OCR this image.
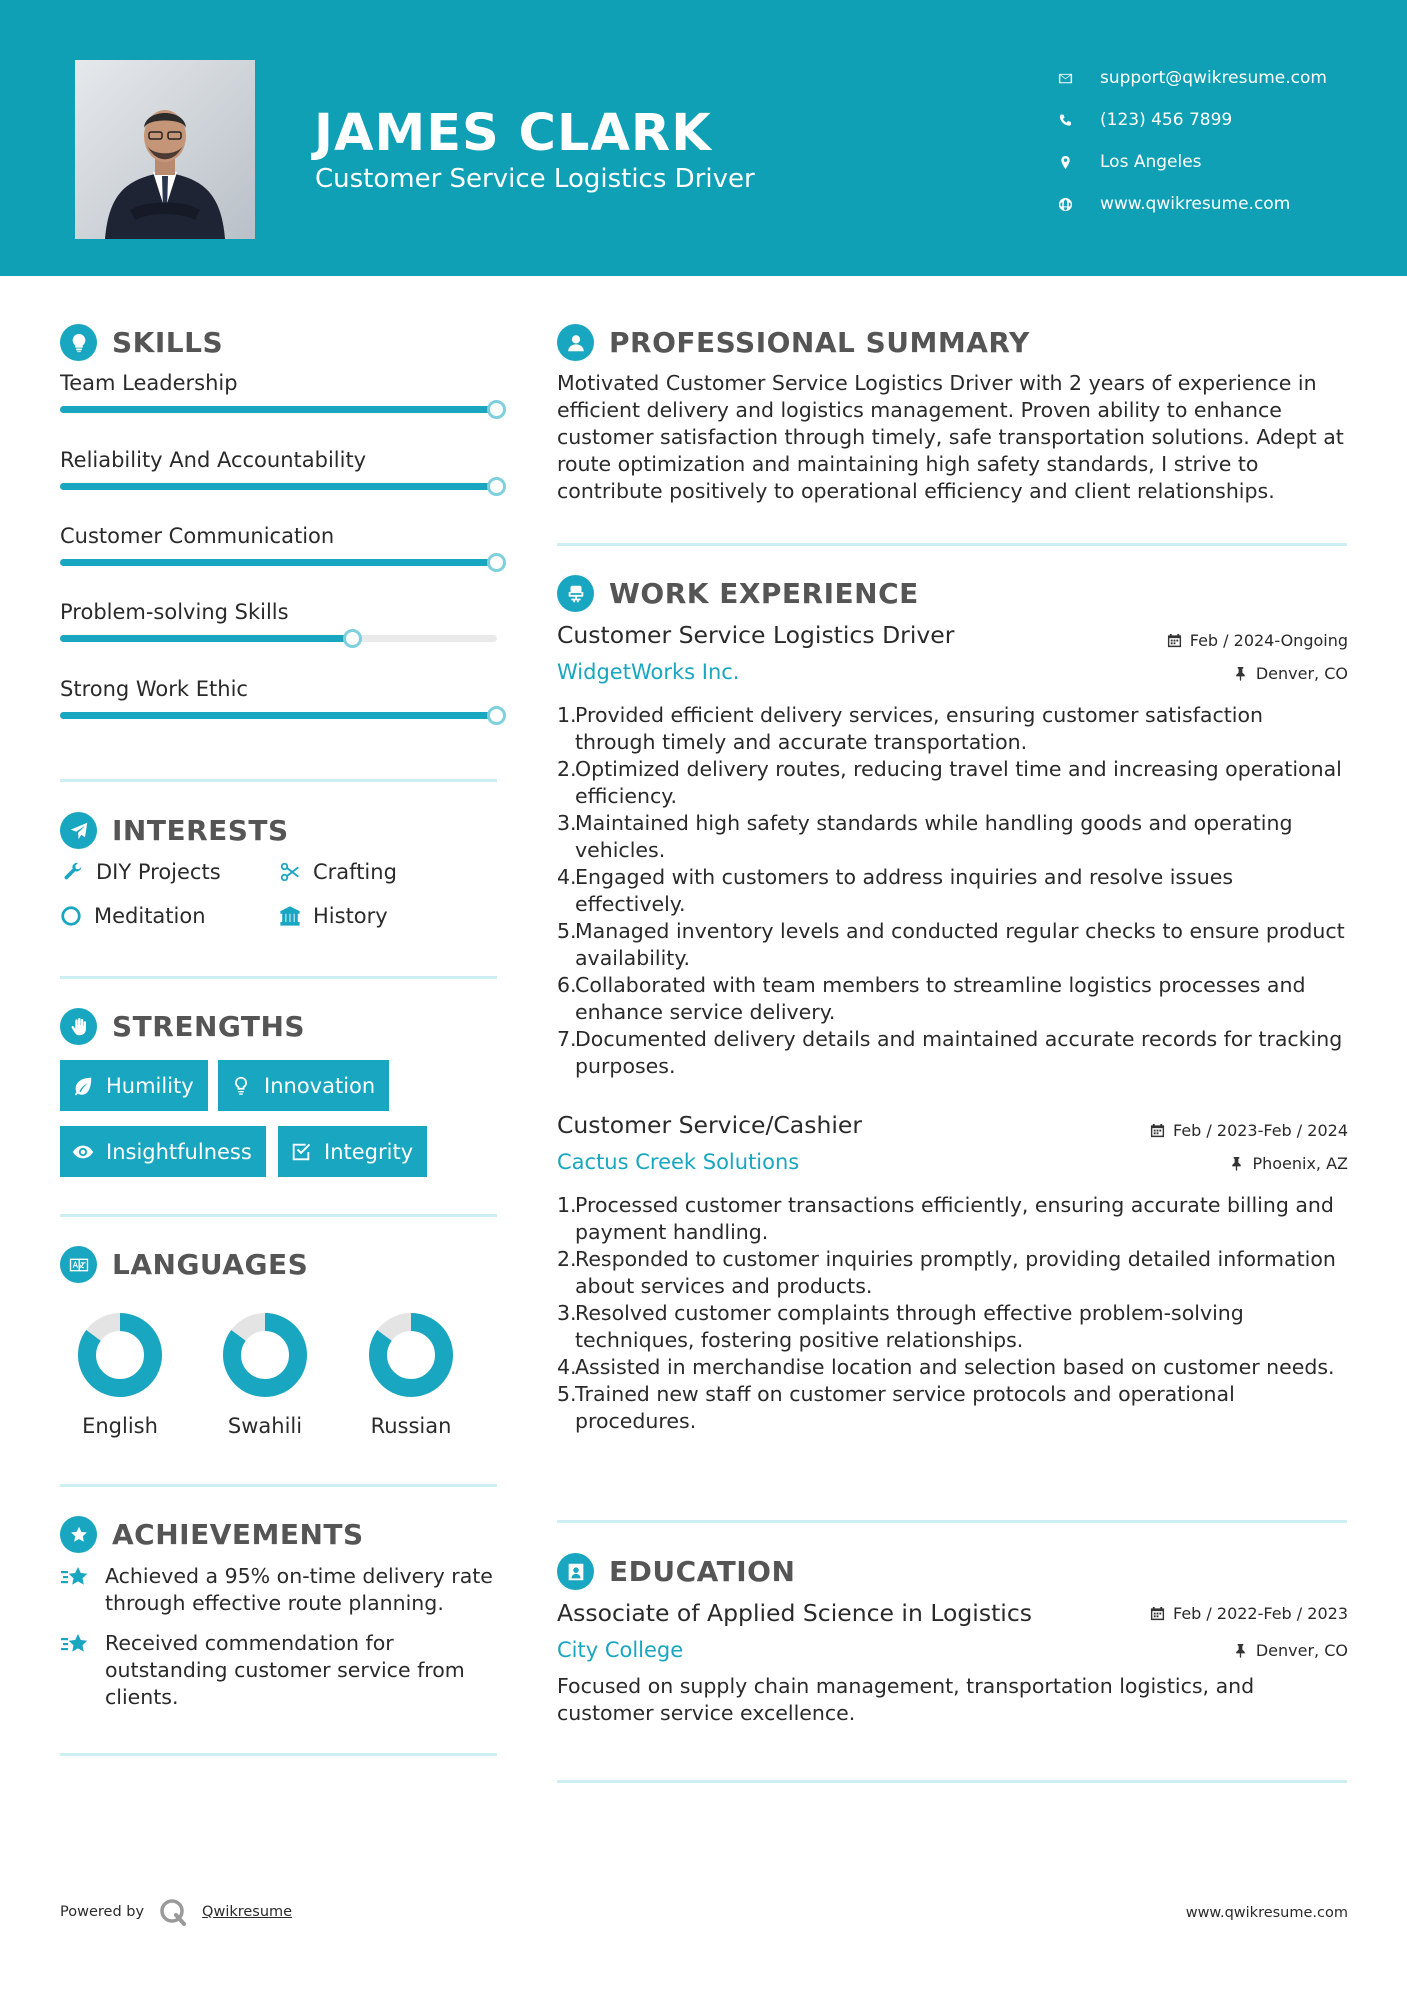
JAMES CLARK
Customer Service Logistics Driver
support@qwikresume.com
(123) 456 7899
Los Angeles
www.qwikresume.com
SKILLS
Team Leadership
Reliability And Accountability
Customer Communication
Problem-solving Skills
Strong Work Ethic
INTERESTS
DIY Projects	Crafting
Meditation	History
STRENGTHS
Humility	Innovation
Insightfulness	Integrity
LANGUAGES
English	Swahili	Russian
ACHIEVEMENTS
Achieved a 95% on-time delivery rate through effective route planning.
Received commendation for outstanding customer service from clients.
PROFESSIONAL SUMMARY
Motivated Customer Service Logistics Driver with 2 years of experience in efficient delivery and logistics management. Proven ability to enhance customer satisfaction through timely, safe transportation solutions. Adept at route optimization and maintaining high safety standards, I strive to contribute positively to operational efficiency and client relationships.
WORK EXPERIENCE
Customer Service Logistics Driver	Feb / 2024-Ongoing
WidgetWorks Inc.	Denver, CO
1.
Provided efficient delivery services, ensuring customer satisfaction through timely and accurate transportation.
2.
Optimized delivery routes, reducing travel time and increasing operational efficiency.
3.
Maintained high safety standards while handling goods and operating vehicles.
4.
Engaged with customers to address inquiries and resolve issues effectively.
5.
Managed inventory levels and conducted regular checks to ensure product availability.
6.
Collaborated with team members to streamline logistics processes and enhance service delivery.
7.
Documented delivery details and maintained accurate records for tracking purposes.
Customer Service/Cashier	Feb / 2023-Feb / 2024
Cactus Creek Solutions	Phoenix, AZ
1.
Processed customer transactions efficiently, ensuring accurate billing and payment handling.
2.
Responded to customer inquiries promptly, providing detailed information about services and products.
3.
Resolved customer complaints through effective problem-solving techniques, fostering positive relationships.
4.
Assisted in merchandise location and selection based on customer needs.
5.
Trained new staff on customer service protocols and operational procedures.
EDUCATION
Associate of Applied Science in Logistics	Feb / 2022-Feb / 2023
City College	Denver, CO
Focused on supply chain management, transportation logistics, and customer service excellence.
Powered by	Qwikresume	www.qwikresume.com
